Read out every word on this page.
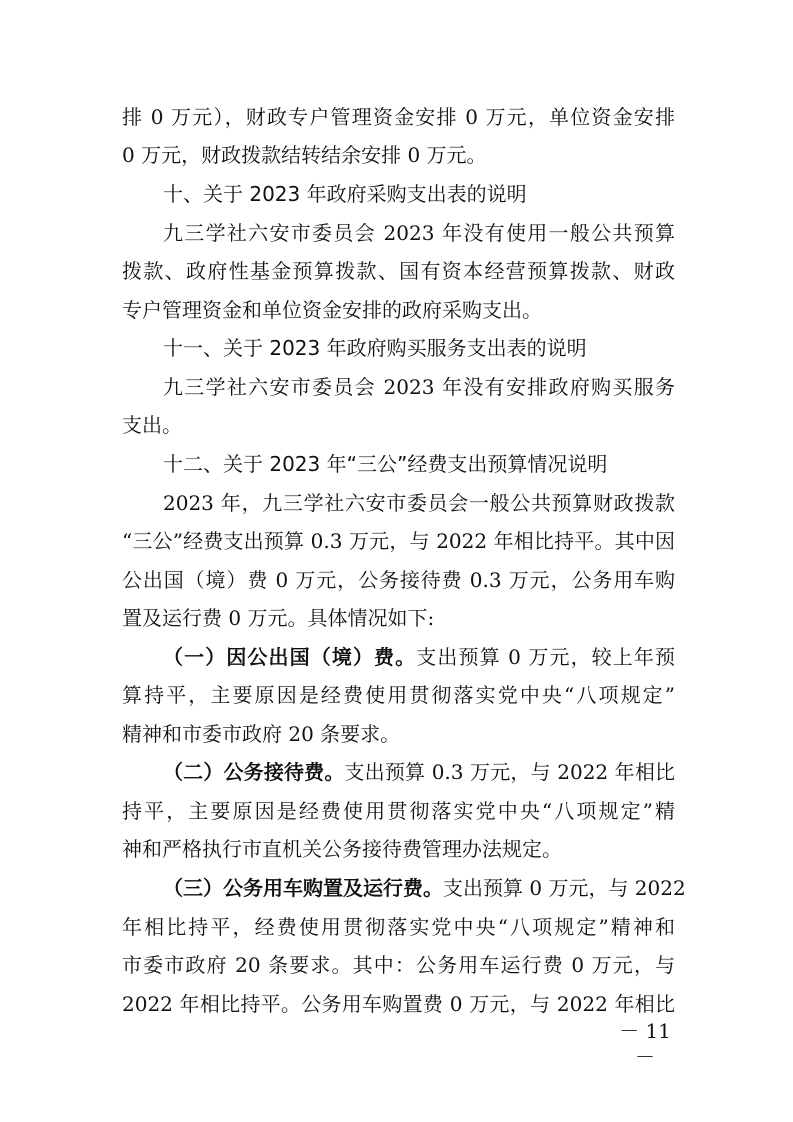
排 0 万元），财政专户管理资金安排 0 万元，单位资金安排

0 万元，财政拨款结转结余安排 0 万元。

十、关于 2023 年政府采购支出表的说明

九三学社六安市委员会 2023 年没有使用一般公共预算

拨款、政府性基金预算拨款、国有资本经营预算拨款、财政

专户管理资金和单位资金安排的政府采购支出。

十一、关于 2023 年政府购买服务支出表的说明

九三学社六安市委员会 2023 年没有安排政府购买服务

支出。

十二、关于 2023 年“三公”经费支出预算情况说明

2023 年，九三学社六安市委员会一般公共预算财政拨款

“三公”经费支出预算 0.3 万元，与 2022 年相比持平。其中因

公出国（境）费 0 万元，公务接待费 0.3 万元，公务用车购

置及运行费 0 万元。具体情况如下:

（一）因公出国（境）费。支出预算 0 万元，较上年预

算持平，主要原因是经费使用贯彻落实党中央“八项规定”

精神和市委市政府 20 条要求。

（二）公务接待费。支出预算 0.3 万元，与 2022 年相比

持平，主要原因是经费使用贯彻落实党中央“八项规定”精

神和严格执行市直机关公务接待费管理办法规定。

（三）公务用车购置及运行费。支出预算 0 万元，与 2022

年相比持平，经费使用贯彻落实党中央“八项规定”精神和

市委市政府 20 条要求。其中：公务用车运行费 0 万元，与

2022 年相比持平。公务用车购置费 0 万元，与 2022 年相比

－ 11 －
